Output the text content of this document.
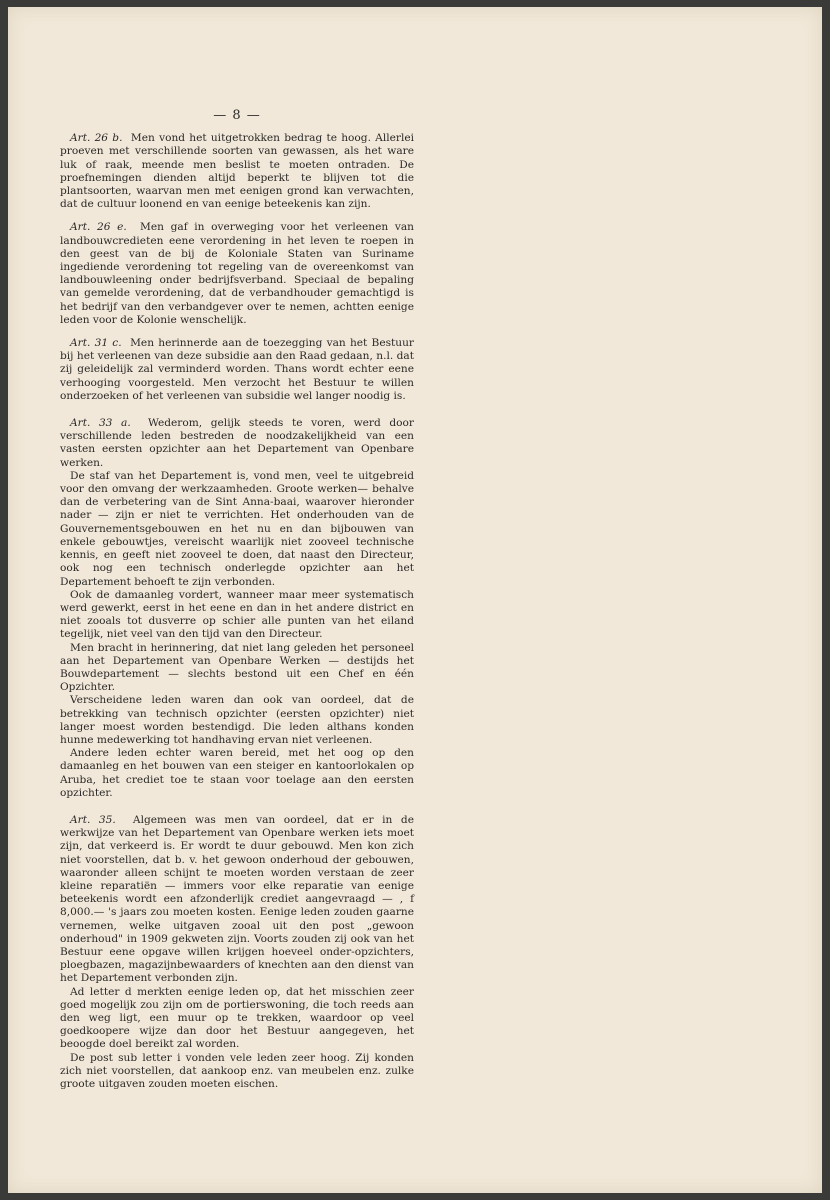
— 8 —

Art. 26 b. Men vond het uitgetrokken bedrag te hoog. Allerlei proeven met verschillende soorten van gewassen, als het ware luk of raak, meende men beslist te moeten ontraden. De proefnemingen dienden altijd beperkt te blijven tot die plantsoorten, waarvan men met eenigen grond kan verwachten, dat de cultuur loonend en van eenige beteekenis kan zijn.

Art. 26 e. Men gaf in overweging voor het verleenen van landbouwcredieten eene verordening in het leven te roepen in den geest van de bij de Koloniale Staten van Suriname ingediende verordening tot regeling van de overeenkomst van landbouwleening onder bedrijfsverband. Speciaal de bepaling van gemelde verordening, dat de verbandhouder gemachtigd is het bedrijf van den verbandgever over te nemen, achtten eenige leden voor de Kolonie wenschelijk.

Art. 31 c. Men herinnerde aan de toezegging van het Bestuur bij het verleenen van deze subsidie aan den Raad gedaan, n.l. dat zij geleidelijk zal verminderd worden. Thans wordt echter eene verhooging voorgesteld. Men verzocht het Bestuur te willen onderzoeken of het verleenen van subsidie wel langer noodig is.

Art. 33 a. Wederom, gelijk steeds te voren, werd door verschillende leden bestreden de noodzakelijkheid van een vasten eersten opzichter aan het Departement van Openbare werken.

De staf van het Departement is, vond men, veel te uitgebreid voor den omvang der werkzaamheden. Groote werken— behalve dan de verbetering van de Sint Anna-baai, waarover hieronder nader — zijn er niet te verrichten. Het onderhouden van de Gouvernementsgebouwen en het nu en dan bijbouwen van enkele gebouwtjes, vereischt waarlijk niet zooveel technische kennis, en geeft niet zooveel te doen, dat naast den Directeur, ook nog een technisch onderlegde opzichter aan het Departement behoeft te zijn verbonden.

Ook de damaanleg vordert, wanneer maar meer systematisch werd gewerkt, eerst in het eene en dan in het andere district en niet zooals tot dusverre op schier alle punten van het eiland tegelijk, niet veel van den tijd van den Directeur.

Men bracht in herinnering, dat niet lang geleden het personeel aan het Departement van Openbare Werken — destijds het Bouwdepartement — slechts bestond uit een Chef en één Opzichter.

Verscheidene leden waren dan ook van oordeel, dat de betrekking van technisch opzichter (eersten opzichter) niet langer moest worden bestendigd. Die leden althans konden hunne medewerking tot handhaving ervan niet verleenen.

Andere leden echter waren bereid, met het oog op den damaanleg en het bouwen van een steiger en kantoorlokalen op Aruba, het crediet toe te staan voor toelage aan den eersten opzichter.

Art. 35. Algemeen was men van oordeel, dat er in de werkwijze van het Departement van Openbare werken iets moet zijn, dat verkeerd is. Er wordt te duur gebouwd. Men kon zich niet voorstellen, dat b. v. het gewoon onderhoud der gebouwen, waaronder alleen schijnt te moeten worden verstaan de zeer kleine reparatiën — immers voor elke reparatie van eenige beteekenis wordt een afzonderlijk crediet aangevraagd — , f 8,000.— 's jaars zou moeten kosten. Eenige leden zouden gaarne vernemen, welke uitgaven zooal uit den post „gewoon onderhoud" in 1909 gekweten zijn. Voorts zouden zij ook van het Bestuur eene opgave willen krijgen hoeveel onder-opzichters, ploegbazen, magazijnbewaarders of knechten aan den dienst van het Departement verbonden zijn.

Ad letter d merkten eenige leden op, dat het misschien zeer goed mogelijk zou zijn om de portierswoning, die toch reeds aan den weg ligt, een muur op te trekken, waardoor op veel goedkoopere wijze dan door het Bestuur aangegeven, het beoogde doel bereikt zal worden.

De post sub letter i vonden vele leden zeer hoog. Zij konden zich niet voorstellen, dat aankoop enz. van meubelen enz. zulke groote uitgaven zouden moeten eischen.
